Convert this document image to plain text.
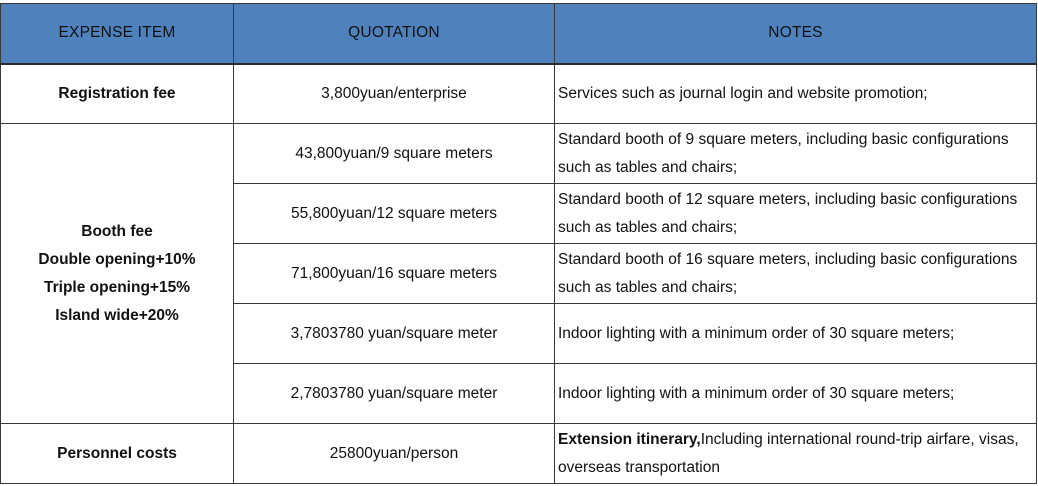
EXPENSE ITEM	QUOTATION	NOTES

Registration fee	3,800yuan/enterprise	Services such as journal login and website promotion;

Booth fee
Double opening+10%
Triple opening+15%
Island wide+20%	43,800yuan/9 square meters	Standard booth of 9 square meters, including basic configurations such as tables and chairs;
	55,800yuan/12 square meters	Standard booth of 12 square meters, including basic configurations such as tables and chairs;
	71,800yuan/16 square meters	Standard booth of 16 square meters, including basic configurations such as tables and chairs;
	3,7803780 yuan/square meter	Indoor lighting with a minimum order of 30 square meters;
	2,7803780 yuan/square meter	Indoor lighting with a minimum order of 30 square meters;

Personnel costs	25800yuan/person	Extension itinerary,Including international round-trip airfare, visas, overseas transportation
